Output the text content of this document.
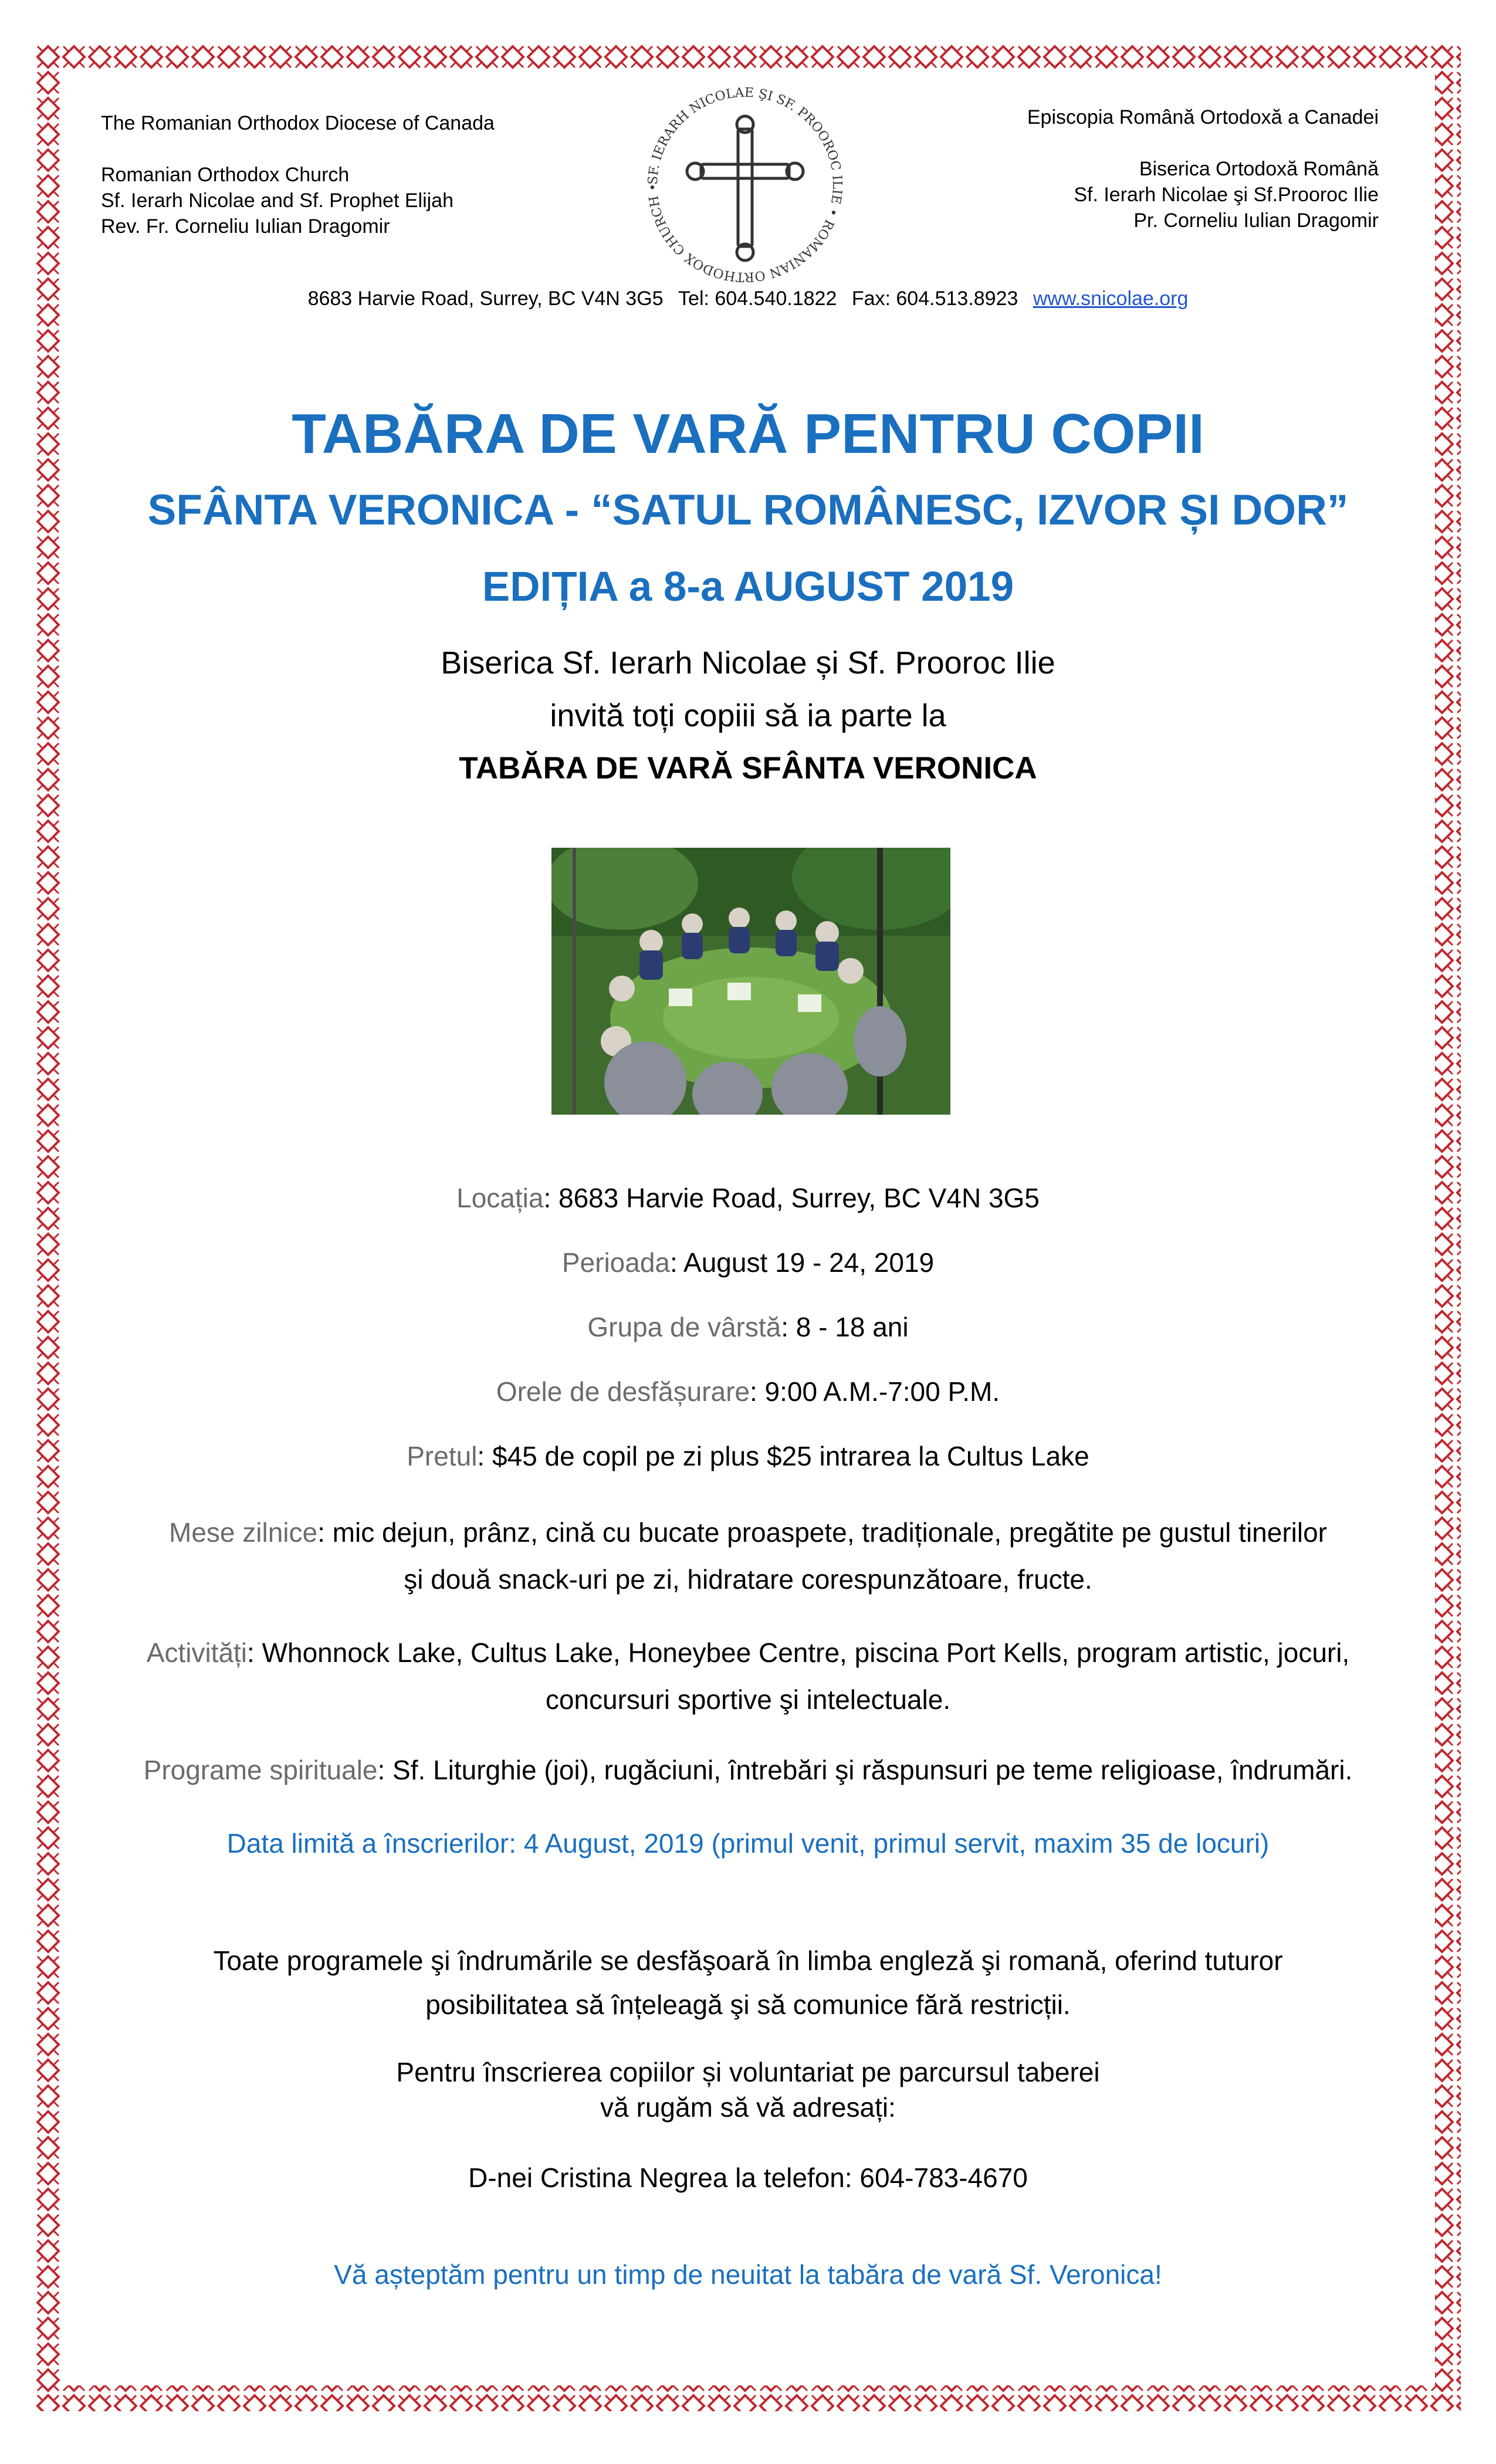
The Romanian Orthodox Diocese of Canada

Romanian Orthodox Church

Sf. Ierarh Nicolae and Sf. Prophet Elijah

Rev. Fr. Corneliu Iulian Dragomir

SF. IERARH NICOLAE ŞI SF. PROOROC ILIE • ROMANIAN ORTHODOX CHURCH •

Episcopia Română Ortodoxă a Canadei

Biserica Ortodoxă Română

Sf. Ierarh Nicolae şi Sf.Prooroc Ilie

Pr. Corneliu Iulian Dragomir

8683 Harvie Road, Surrey, BC V4N 3G5 Tel: 604.540.1822 Fax: 604.513.8923 www.snicolae.org
TABĂRA DE VARĂ PENTRU COPII
SFÂNTA VERONICA - “SATUL ROMÂNESC, IZVOR ȘI DOR”
EDIȚIA a 8-a AUGUST 2019

Biserica Sf. Ierarh Nicolae și Sf. Prooroc Ilie

invită toți copiii să ia parte la

TABĂRA DE VARĂ SFÂNTA VERONICA

Locația: 8683 Harvie Road, Surrey, BC V4N 3G5
Perioada: August 19 - 24, 2019
Grupa de vârstă: 8 - 18 ani
Orele de desfășurare: 9:00 A.M.-7:00 P.M.
Pretul: $45 de copil pe zi plus $25 intrarea la Cultus Lake
Mese zilnice: mic dejun, prânz, cină cu bucate proaspete, tradiționale, pregătite pe gustul tinerilor
şi două snack-uri pe zi, hidratare corespunzătoare, fructe.
Activități: Whonnock Lake, Cultus Lake, Honeybee Centre, piscina Port Kells, program artistic, jocuri,
concursuri sportive şi intelectuale.
Programe spirituale: Sf. Liturghie (joi), rugăciuni, întrebări şi răspunsuri pe teme religioase, îndrumări.
Data limită a înscrierilor: 4 August, 2019 (primul venit, primul servit, maxim 35 de locuri)
Toate programele şi îndrumările se desfăşoară în limba engleză şi romană, oferind tuturor
posibilitatea să înțeleagă şi să comunice fără restricții.
Pentru înscrierea copiilor și voluntariat pe parcursul taberei
vă rugăm să vă adresați:
D-nei Cristina Negrea la telefon: 604-783-4670
Vă așteptăm pentru un timp de neuitat la tabăra de vară Sf. Veronica!
